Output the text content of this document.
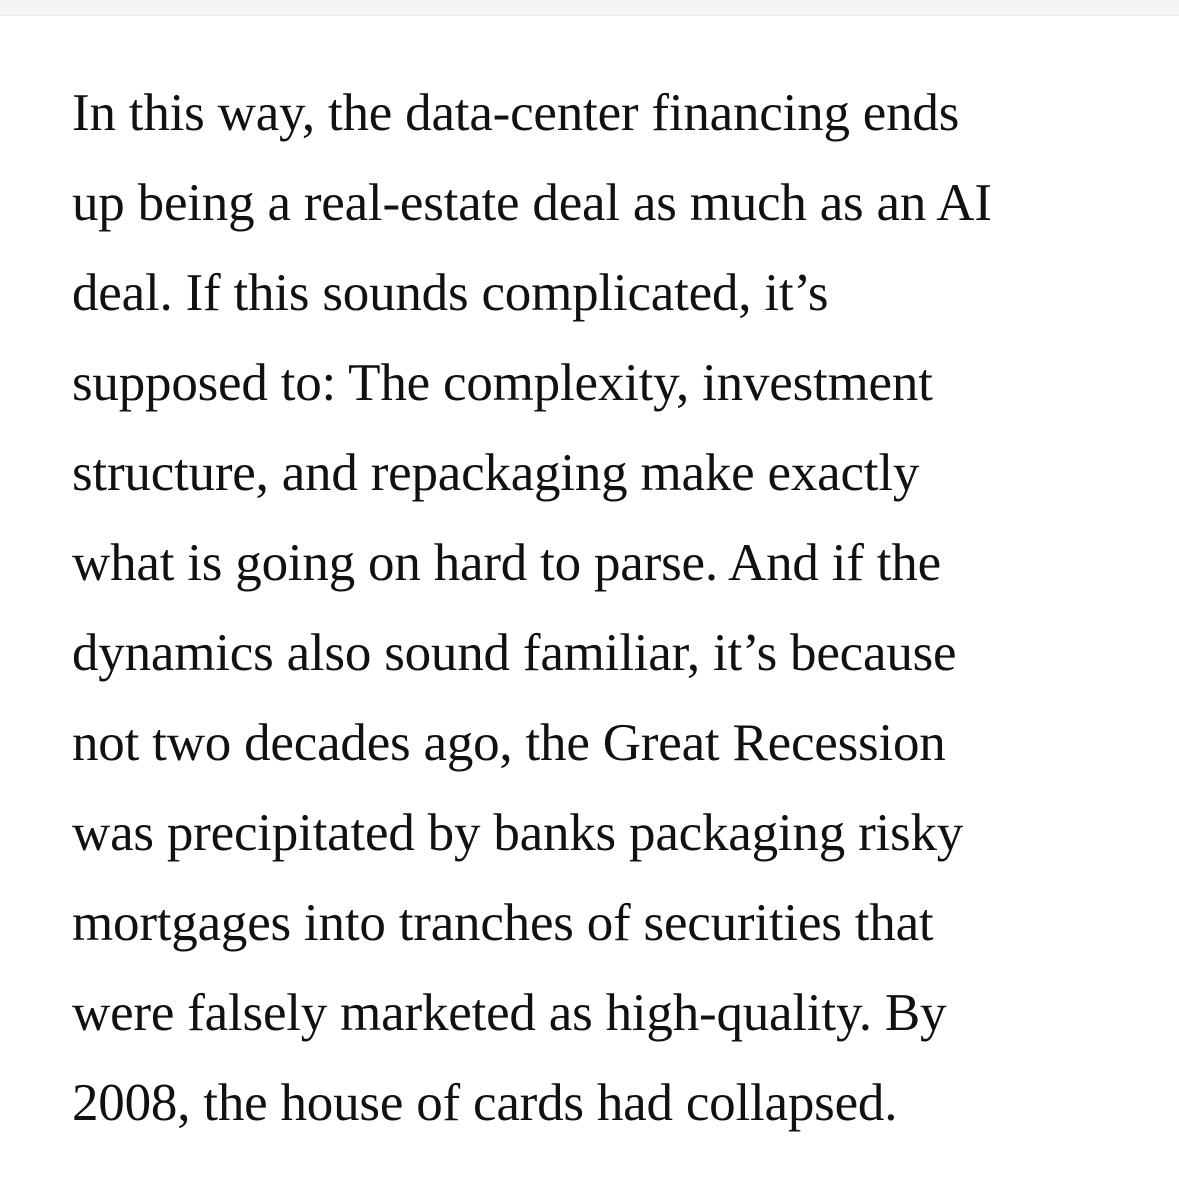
In this way, the data-center financing ends
up being a real-estate deal as much as an AI
deal. If this sounds complicated, it’s
supposed to: The complexity, investment
structure, and repackaging make exactly
what is going on hard to parse. And if the
dynamics also sound familiar, it’s because
not two decades ago, the Great Recession
was precipitated by banks packaging risky
mortgages into tranches of securities that
were falsely marketed as high-quality. By
2008, the house of cards had collapsed.
